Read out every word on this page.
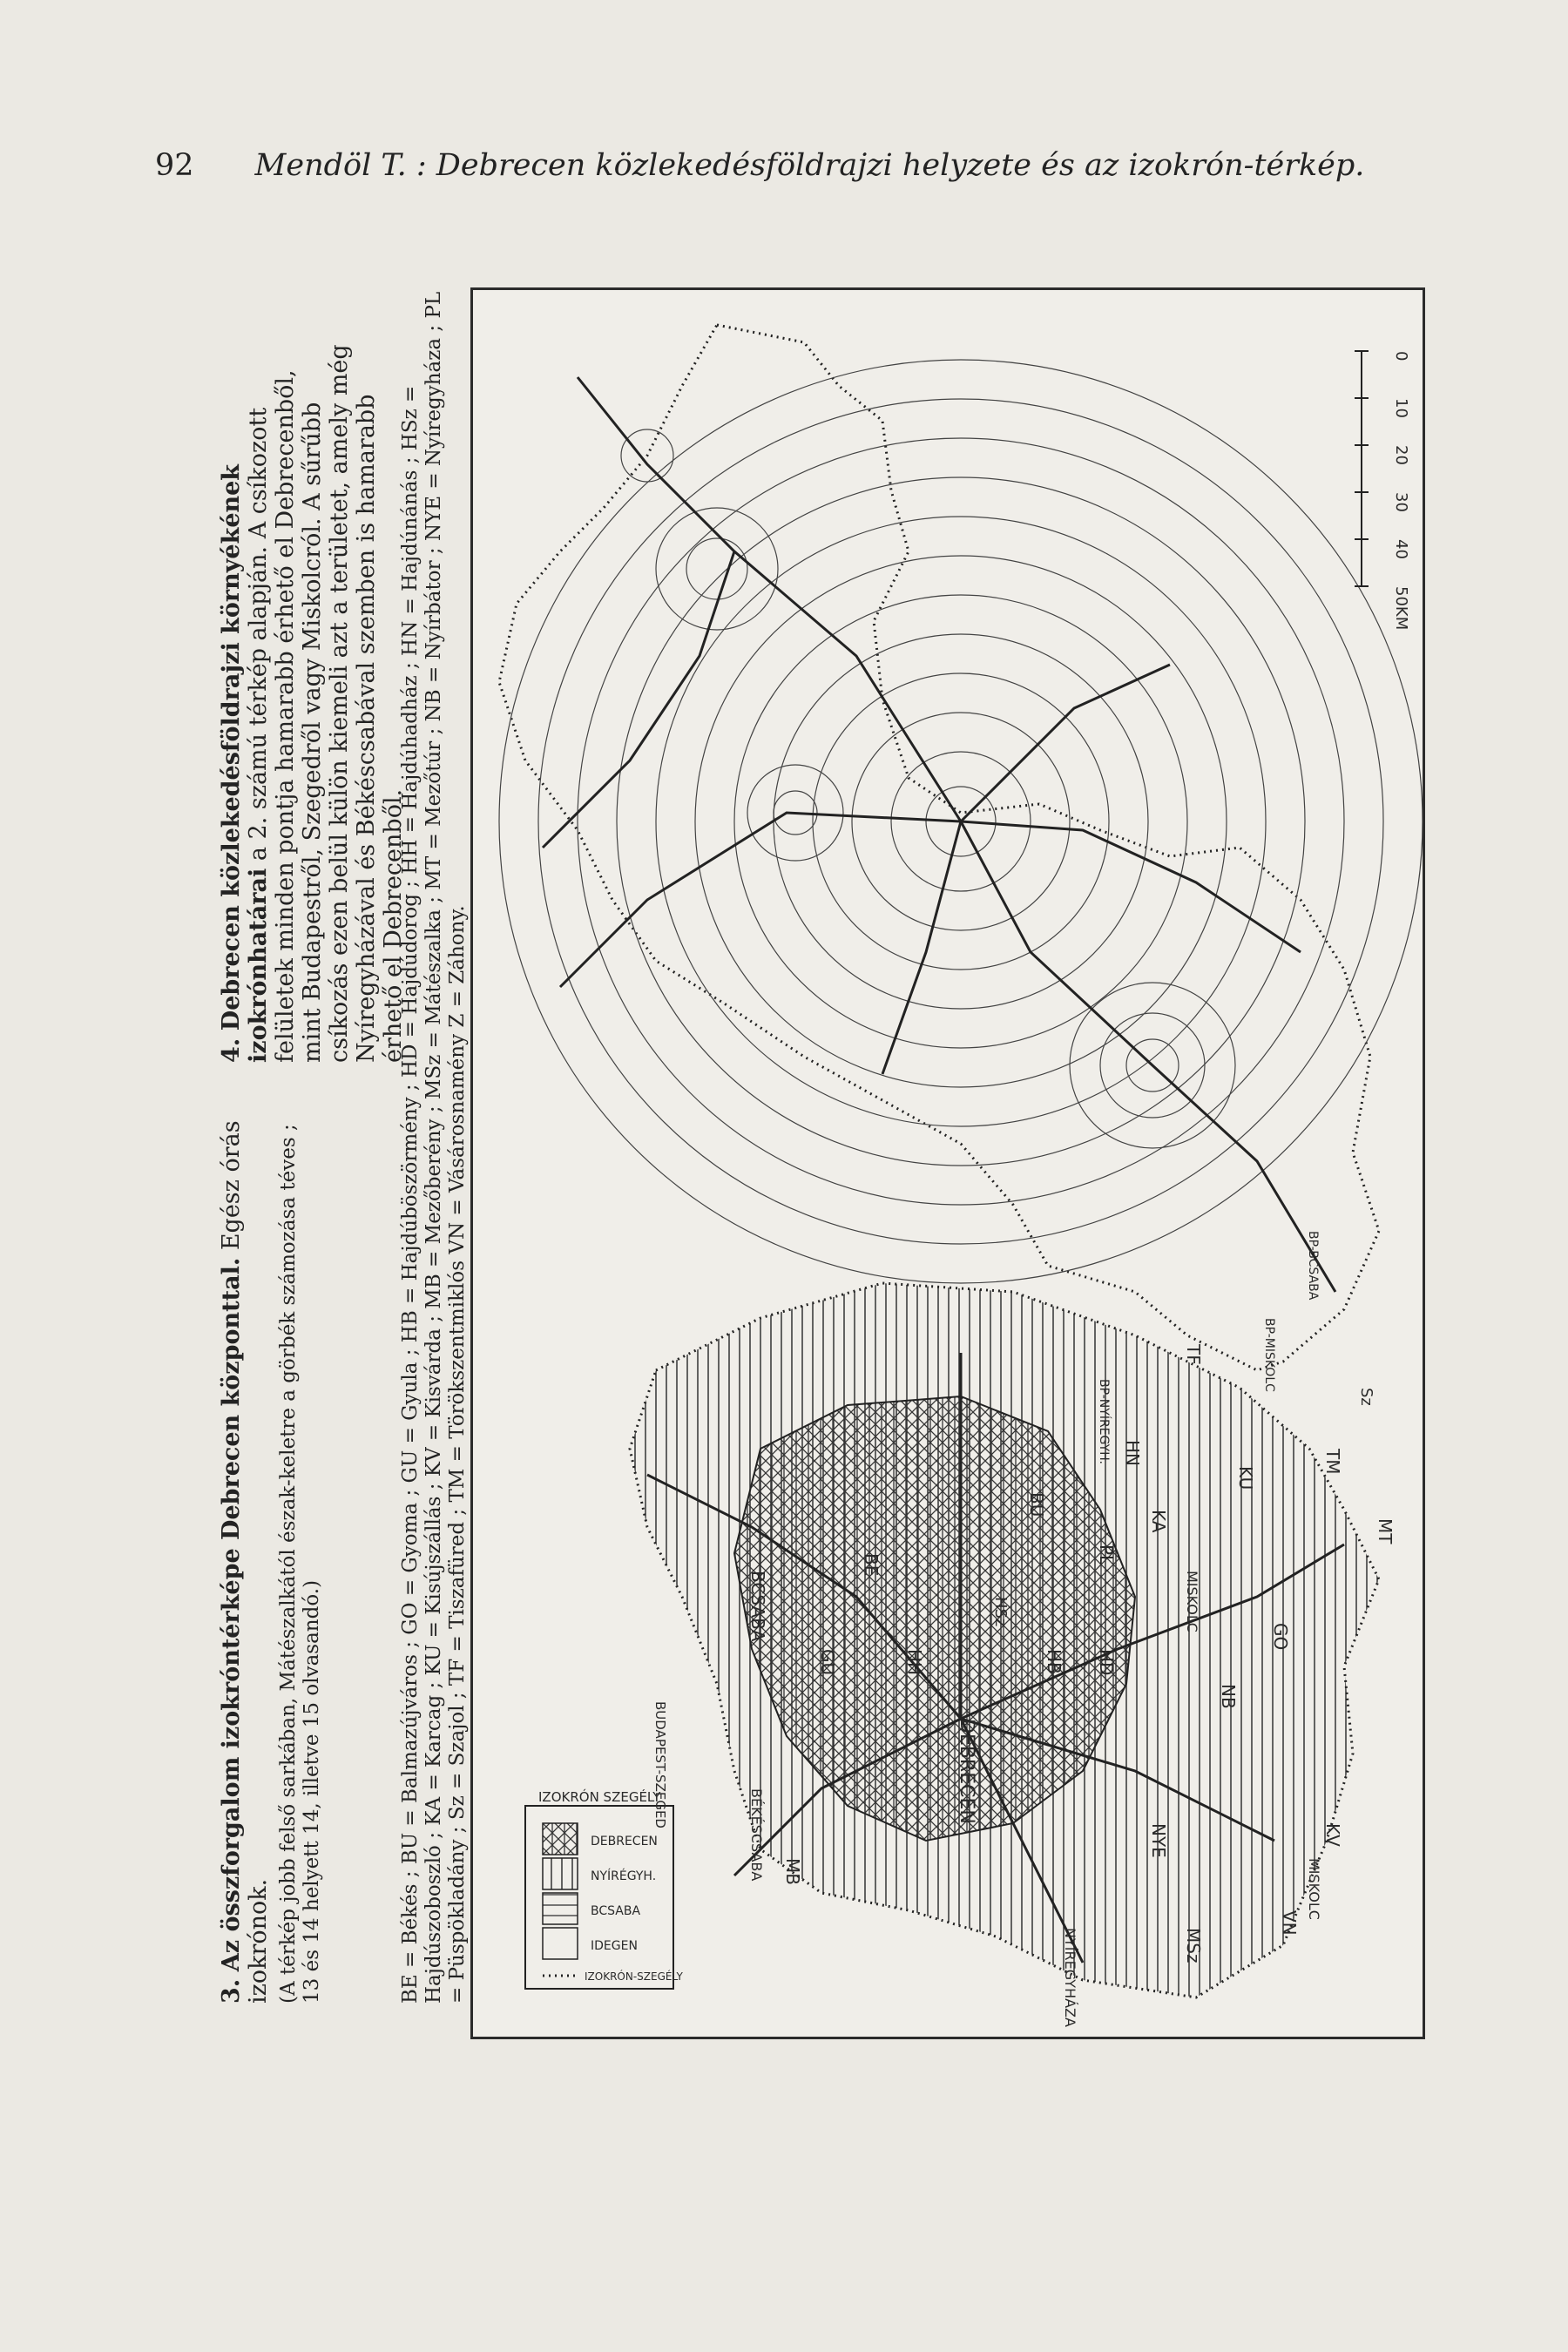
92 Mendöl T. : Debrecen közlekedésföldrajzi helyzete és az izokrón-térkép.
0
10
20
30
40
50KM
DEBRECEN
NYÍRÉGYH.
BCSABA
IDEGEN
IZOKRÓN-SZEGÉLY
IZOKRÓN SZEGÉLY	DEBRECEN
MISKOLC
MISKOLC
BCSABA
BÉKÉSCSABA
NYÍREGYHÁZA
BUDAPEST-SZEGED
BP-NYÍREGYH.
BP-MISKOLC
BP-BCSABA
Sz
TM
TF
MT
GO
NB
GU
BE
KU
KA
PL
HSz
BU
HB
HN
HD
HH
NYE
MB
MSz
VN
KV
3. Az összforgalom izokróntérképe Debrecen központtal. Egész órás izokrónok. (A térkép jobb felső sarkában, Mátészalkától észak-keletre a görbék számozása téves ; 13 és 14 helyett 14, illetve 15 olvasandó.)
4. Debrecen közlekedésföldrajzi környékének izokrónhatárai a 2. számú térkép alapján. A csíkozott felületek minden pontja hamarabb érhető el Debrecenből, mint Budapestről, Szegedről vagy Miskolcról. A sűrűbb csíkozás ezen belül külön kiemeli azt a területet, amely még Nyíregyházával és Békéscsabával szemben is hamarabb érhető el Debrecenből.
BE = Békés ; BU = Balmazújváros ; GO = Gyoma ; GU = Gyula ; HB = Hajdúböszörmény ; HD = Hajdúdorog ; HH = Hajdúhadház ; HN = Hajdúnánás ; HSz = Hajdúszoboszló ; KA = Karcag ; KU = Kisújszállás ; KV = Kisvárda ; MB = Mezőberény ; MSz = Mátészalka ; MT = Mezőtúr ; NB = Nyírbátor ; NYE = Nyíregyháza ; PL = Püspökladány ; Sz = Szajol ; TF = Tiszafüred ; TM = Törökszentmiklós VN = Vásárosnamény Z = Záhony.
